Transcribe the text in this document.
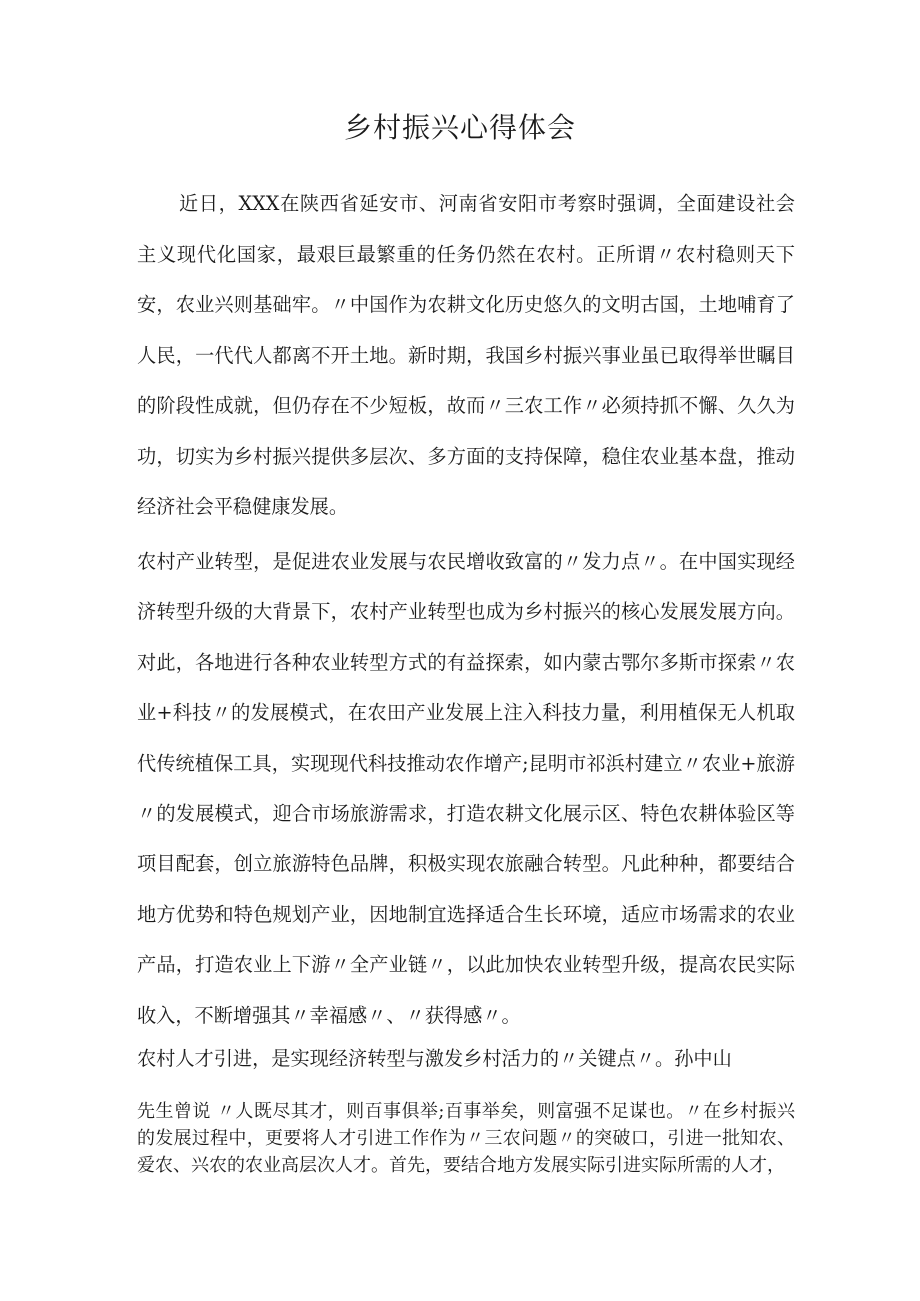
乡村振兴心得体会

近日，XXX在陕西省延安市、河南省安阳市考察时强调，全面建设社会主义现代化国家，最艰巨最繁重的任务仍然在农村。正所谓〃农村稳则天下安，农业兴则基础牢。〃中国作为农耕文化历史悠久的文明古国，土地哺育了人民，一代代人都离不开土地。新时期，我国乡村振兴事业虽已取得举世瞩目的阶段性成就，但仍存在不少短板，故而〃三农工作〃必须持抓不懈、久久为功，切实为乡村振兴提供多层次、多方面的支持保障，稳住农业基本盘，推动经济社会平稳健康发展。

农村产业转型，是促进农业发展与农民增收致富的〃发力点〃。在中国实现经济转型升级的大背景下，农村产业转型也成为乡村振兴的核心发展发展方向。对此，各地进行各种农业转型方式的有益探索，如内蒙古鄂尔多斯市探索〃农业+科技〃的发展模式，在农田产业发展上注入科技力量，利用植保无人机取代传统植保工具，实现现代科技推动农作增产;昆明市祁浜村建立〃农业+旅游〃的发展模式，迎合市场旅游需求，打造农耕文化展示区、特色农耕体验区等项目配套，创立旅游特色品牌，积极实现农旅融合转型。凡此种种，都要结合地方优势和特色规划产业，因地制宜选择适合生长环境，适应市场需求的农业产品，打造农业上下游〃全产业链〃，以此加快农业转型升级，提高农民实际收入，不断增强其〃幸福感〃、〃获得感〃。

农村人才引进，是实现经济转型与激发乡村活力的〃关键点〃。孙中山

先生曾说 〃人既尽其才，则百事俱举;百事举矣，则富强不足谋也。〃在乡村振兴的发展过程中，更要将人才引进工作作为〃三农问题〃的突破口，引进一批知农、爱农、兴农的农业高层次人才。首先，要结合地方发展实际引进实际所需的人才，
